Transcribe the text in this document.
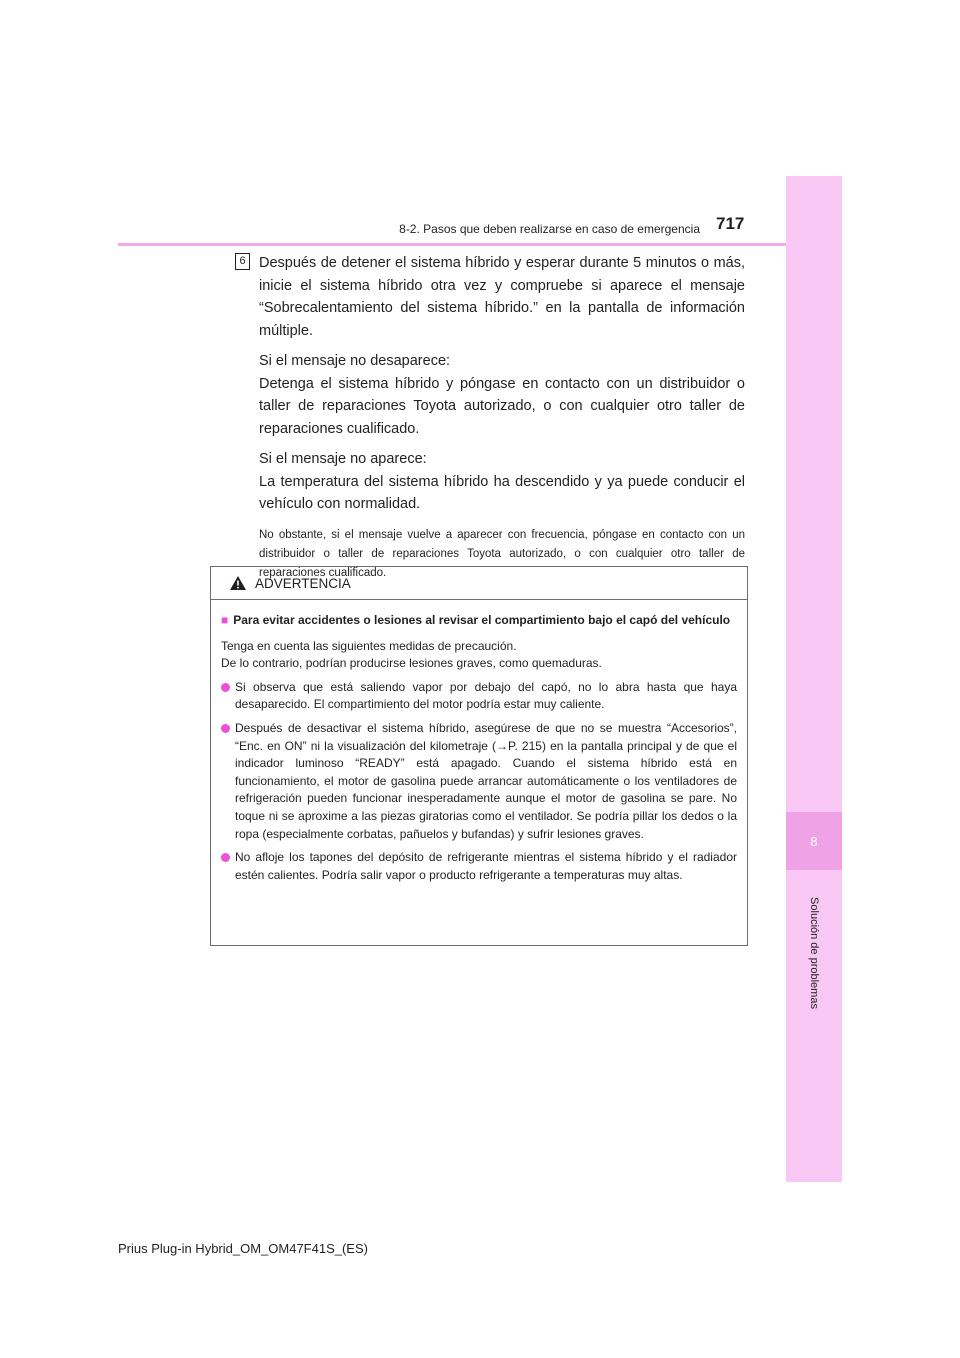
8
Solución de problemas
8-2. Pasos que deben realizarse en caso de emergencia 717
6 Después de detener el sistema híbrido y esperar durante 5 minutos o más, inicie el sistema híbrido otra vez y compruebe si aparece el mensaje “Sobrecalentamiento del sistema híbrido.” en la pantalla de información múltiple.

Si el mensaje no desaparece:

Detenga el sistema híbrido y póngase en contacto con un distribuidor o taller de reparaciones Toyota autorizado, o con cualquier otro taller de reparaciones cualificado.

Si el mensaje no aparece:

La temperatura del sistema híbrido ha descendido y ya puede conducir el vehículo con normalidad.

No obstante, si el mensaje vuelve a aparecer con frecuencia, póngase en contacto con un distribuidor o taller de reparaciones Toyota autorizado, o con cualquier otro taller de reparaciones cualificado.

ADVERTENCIA
■ Para evitar accidentes o lesiones al revisar el compartimiento bajo el capó del vehículo
Tenga en cuenta las siguientes medidas de precaución.
De lo contrario, podrían producirse lesiones graves, como quemaduras.
Si observa que está saliendo vapor por debajo del capó, no lo abra hasta que haya desaparecido. El compartimiento del motor podría estar muy caliente.
Después de desactivar el sistema híbrido, asegúrese de que no se muestra “Accesorios”, “Enc. en ON” ni la visualización del kilometraje (→P. 215) en la pantalla principal y de que el indicador luminoso “READY” está apagado. Cuando el sistema híbrido está en funcionamiento, el motor de gasolina puede arrancar automáticamente o los ventiladores de refrigeración pueden funcionar inesperadamente aunque el motor de gasolina se pare. No toque ni se aproxime a las piezas giratorias como el ventilador. Se podría pillar los dedos o la ropa (especialmente corbatas, pañuelos y bufandas) y sufrir lesiones graves.
No afloje los tapones del depósito de refrigerante mientras el sistema híbrido y el radiador estén calientes. Podría salir vapor o producto refrigerante a temperaturas muy altas.
Prius Plug-in Hybrid_OM_OM47F41S_(ES)
